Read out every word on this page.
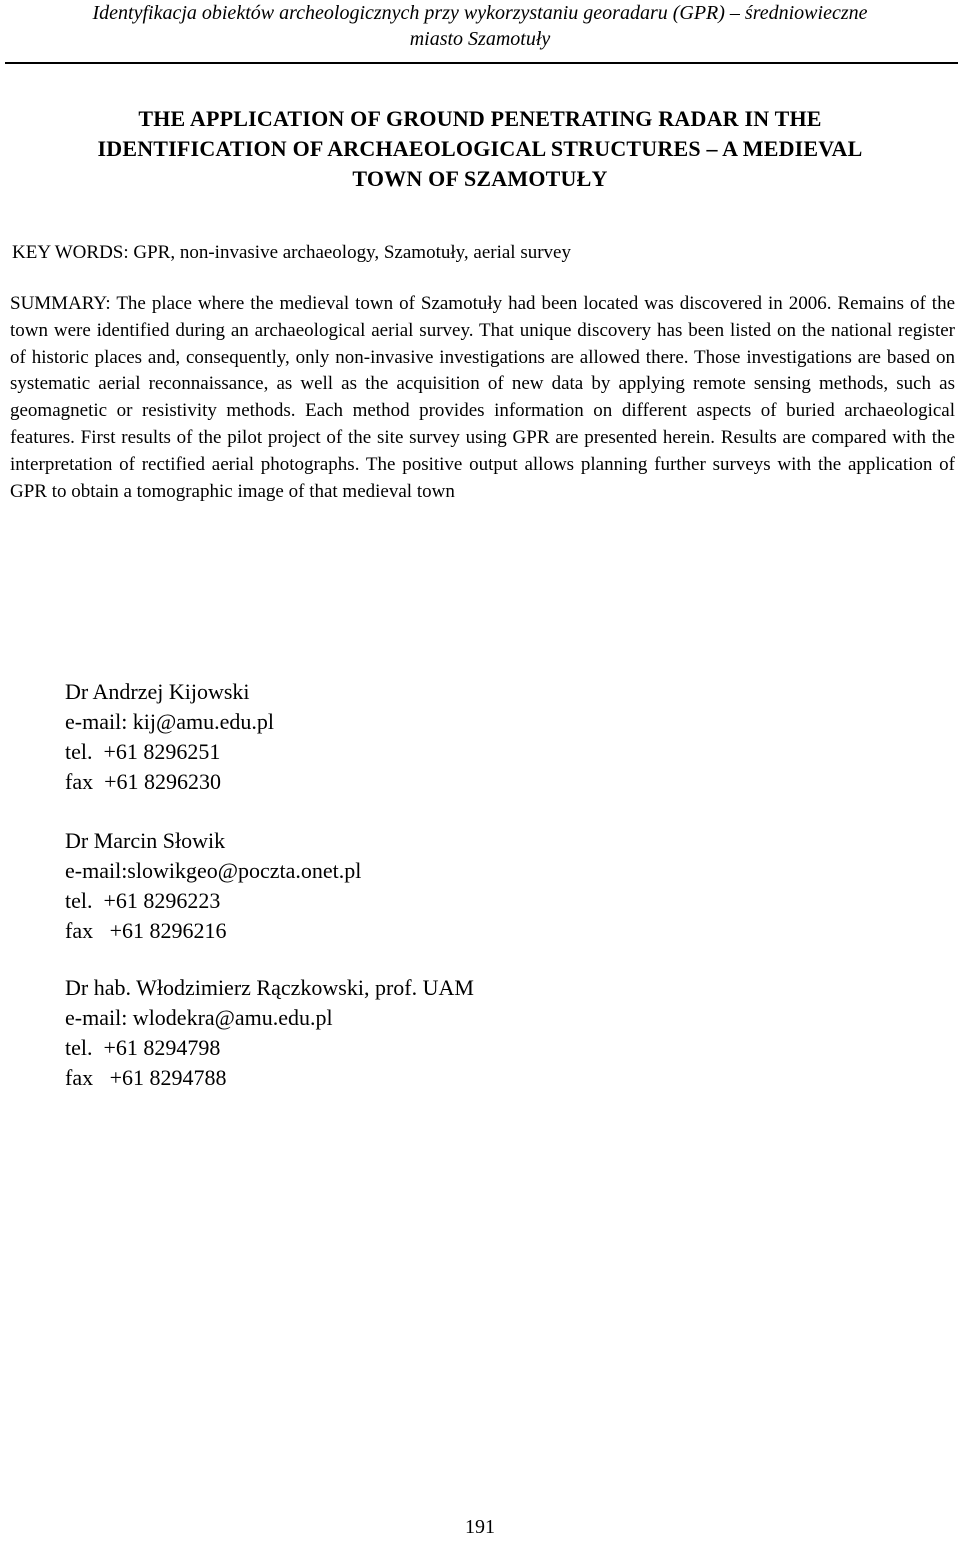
Identyfikacja obiektów archeologicznych przy wykorzystaniu georadaru (GPR) – średniowieczne
miasto Szamotuły
THE APPLICATION OF GROUND PENETRATING RADAR IN THE
IDENTIFICATION OF ARCHAEOLOGICAL STRUCTURES – A MEDIEVAL
TOWN OF SZAMOTUŁY

KEY WORDS: GPR, non-invasive archaeology, Szamotuły, aerial survey

SUMMARY: The place where the medieval town of Szamotuły had been located was discovered in 2006. Remains of the town were identified during an archaeological aerial survey. That unique discovery has been listed on the national register of historic places and, consequently, only non-invasive investigations are allowed there. Those investigations are based on systematic aerial reconnaissance, as well as the acquisition of new data by applying remote sensing methods, such as geomagnetic or resistivity methods. Each method provides information on different aspects of buried archaeological features. First results of the pilot project of the site survey using GPR are presented herein. Results are compared with the interpretation of rectified aerial photographs. The positive output allows planning further surveys with the application of GPR to obtain a tomographic image of that medieval town

Dr Andrzej Kijowski
e-mail: kij@amu.edu.pl
tel.  +61 8296251
fax  +61 8296230
Dr Marcin Słowik
e-mail:slowikgeo@poczta.onet.pl
tel.  +61 8296223
fax   +61 8296216
Dr hab. Włodzimierz Rączkowski, prof. UAM
e-mail: wlodekra@amu.edu.pl
tel.  +61 8294798
fax   +61 8294788
191
